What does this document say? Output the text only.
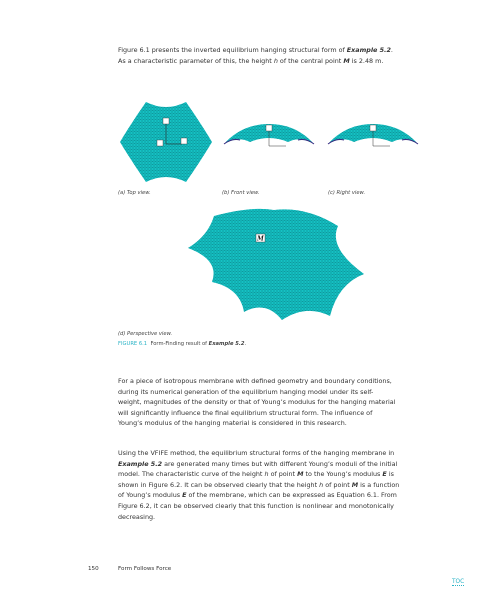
Figure 6.1 presents the inverted equilibrium hanging structural form of Example 5.2.
As a characteristic parameter of this, the height h of the central point M is 2.48 m.
(a) Top view.	(b) Front view.	(c) Right view.
M
(d) Perspective view.
FIGURE 6.1 Form-Finding result of Example 5.2.
For a piece of isotropous membrane with defined geometry and boundary conditions,
during its numerical generation of the equilibrium hanging model under its self-
weight, magnitudes of the density or that of Young’s modulus for the hanging material
will significantly influence the final equilibrium structural form. The influence of
Young’s modulus of the hanging material is considered in this research.
Using the VFIFE method, the equilibrium structural forms of the hanging membrane in
Example 5.2 are generated many times but with different Young’s moduli of the initial
model. The characteristic curve of the height h of point M to the Young’s modulus E is
shown in Figure 6.2. It can be observed clearly that the height h of point M is a function
of Young’s modulus E of the membrane, which can be expressed as Equation 6.1. From
Figure 6.2, it can be observed clearly that this function is nonlinear and monotonically
decreasing.
150	Form Follows Force
TOC
